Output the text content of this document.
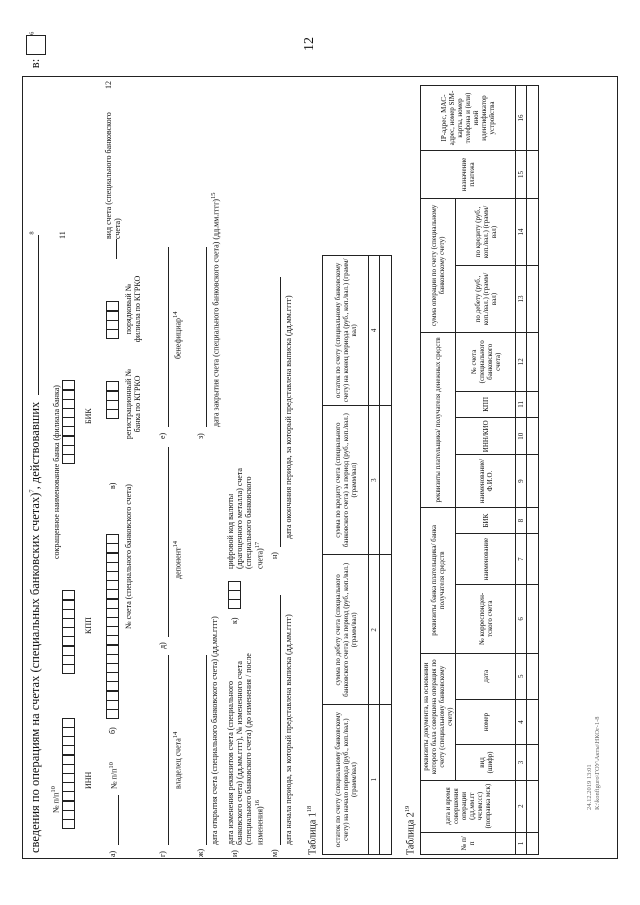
12
сведения по операциям на счетах (специальных банковских счетах)$^7$, действовавших $^8$ в:$^6$
№ $п/п^{10}$
ИНН
КПП
сокращенное наименование банка (филиала банка)	БИК
11
а)
№ $п/п^{10}$
б)
№ счета (специального банковского счета)
в)
регистрационный № банка по КГРКО
порядковый № филиала по КГРКО
вид счета (специального банковского счета)
12
г)
владелец счета$^{14}$
д)
депонент$^{14}$
е)
бенефициар$^{14}$
ж)
дата открытия счета (специального банковского счета) (дд.мм.гггг)
з)
дата закрытия счета (специального банковского счета) (дд.мм.гггг)$^{15}$
и)
дата изменения реквизитов счета (специального банковского счета) (дд.мм.гггг), № измененного счета (специального банковского счета) (до изменения / после изменения)$^{16}$
к)
цифровой код валюты (драгоценного металла) счета (специального банковского счета)$^{17}$
м)
дата начала периода, за который представлена выписка (дд.мм.гггг)
н)
дата окончания периода, за который представлена выписка (дд.мм.гггг)
Таблица $1^{18}$	остаток по счету (специальному банковскому счету) на начало периода (руб., коп./вал.) (грамм/вал)	сумма по дебету счета (специального банковского счета) за период (руб., коп./вал.) (грамм/вал)	сумма по кредиту счета (специального банковского счета) за период (руб., коп./вал.) (грамм/вал)	остаток по счету (специальному банковскому счету) на конец периода (руб., коп./вал.) (грамм/вал)
1	2	3	4

Таблица $2^{19}$
№ п/п	дата и время совершения операции (дд.мм.гг чч:мм:сс) (поправка мск)	реквизиты документа, на основании которого была совершена операция по счету (специальному банковскому счету)			реквизиты банка плательщика/ банка получателя средств			реквизиты плательщика/ получателя денежных средств				сумма операции по счету (специальному банковскому счету)		назначение платежа	IP-адрес, MAC-адрес, номер SIM-карты, номер телефона и (или) иной идентификатор устройства
		вид (шифр)	номер	дата	№ корреспонден-тского счета	наименование	БИК	наименование/Ф.И.О.	ИНН/КИО	КПП	№ счета (специального банковского счета)	по дебету (руб., коп./вал.) (грамм/вал)	по кредиту (руб., коп./вал.) (грамм/вал)		
1	2	3	4	5	6	7	8	9	10	11	12	13	14	15	16

24.12.2019 13:01 К:\konfiguro\ГОУ\Акты\НКОг-1-8
